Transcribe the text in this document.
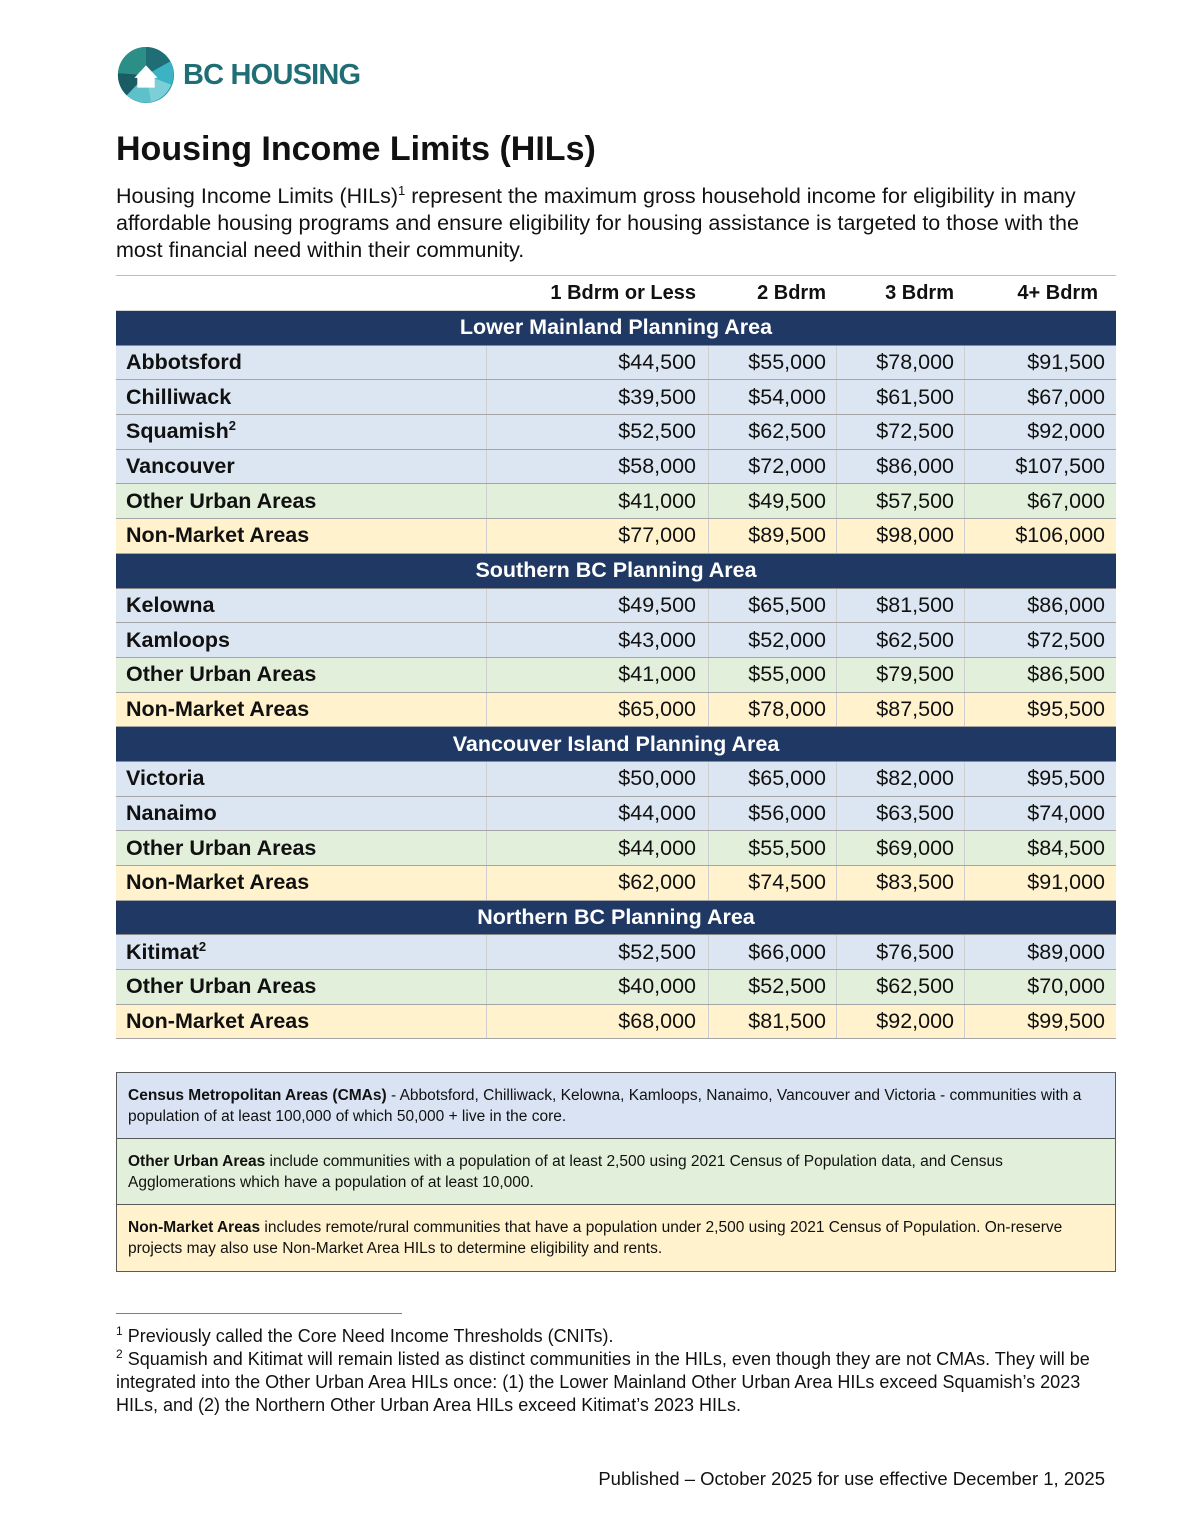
BC HOUSING
Housing Income Limits (HILs)

Housing Income Limits (HILs)$^1$ represent the maximum gross household income for eligibility in many affordable housing programs and ensure eligibility for housing assistance is targeted to those with the most financial need within their community.

1 Bdrm or Less	2 Bdrm	3 Bdrm	4+ Bdrm
Lower Mainland Planning Area
Abbotsford	$44,500	$55,000	$78,000	$91,500
Chilliwack	$39,500	$54,000	$61,500	$67,000
Squamish$^2$	$52,500	$62,500	$72,500	$92,000
Vancouver	$58,000	$72,000	$86,000	$107,500
Other Urban Areas	$41,000	$49,500	$57,500	$67,000
Non-Market Areas	$77,000	$89,500	$98,000	$106,000
Southern BC Planning Area
Kelowna	$49,500	$65,500	$81,500	$86,000
Kamloops	$43,000	$52,000	$62,500	$72,500
Other Urban Areas	$41,000	$55,000	$79,500	$86,500
Non-Market Areas	$65,000	$78,000	$87,500	$95,500
Vancouver Island Planning Area
Victoria	$50,000	$65,000	$82,000	$95,500
Nanaimo	$44,000	$56,000	$63,500	$74,000
Other Urban Areas	$44,000	$55,500	$69,000	$84,500
Non-Market Areas	$62,000	$74,500	$83,500	$91,000
Northern BC Planning Area
Kitimat$^2$	$52,500	$66,000	$76,500	$89,000
Other Urban Areas	$40,000	$52,500	$62,500	$70,000
Non-Market Areas	$68,000	$81,500	$92,000	$99,500
Census Metropolitan Areas (CMAs) - Abbotsford, Chilliwack, Kelowna, Kamloops, Nanaimo, Vancouver and Victoria - communities with a population of at least 100,000 of which 50,000 + live in the core.
Other Urban Areas include communities with a population of at least 2,500 using 2021 Census of Population data, and Census Agglomerations which have a population of at least 10,000.
Non-Market Areas includes remote/rural communities that have a population under 2,500 using 2021 Census of Population. On-reserve projects may also use Non-Market Area HILs to determine eligibility and rents.
$^1$ Previously called the Core Need Income Thresholds (CNITs).
$^2$ Squamish and Kitimat will remain listed as distinct communities in the HILs, even though they are not CMAs. They will be integrated into the Other Urban Area HILs once: (1) the Lower Mainland Other Urban Area HILs exceed Squamish’s 2023 HILs, and (2) the Northern Other Urban Area HILs exceed Kitimat’s 2023 HILs.
Published – October 2025 for use effective December 1, 2025
